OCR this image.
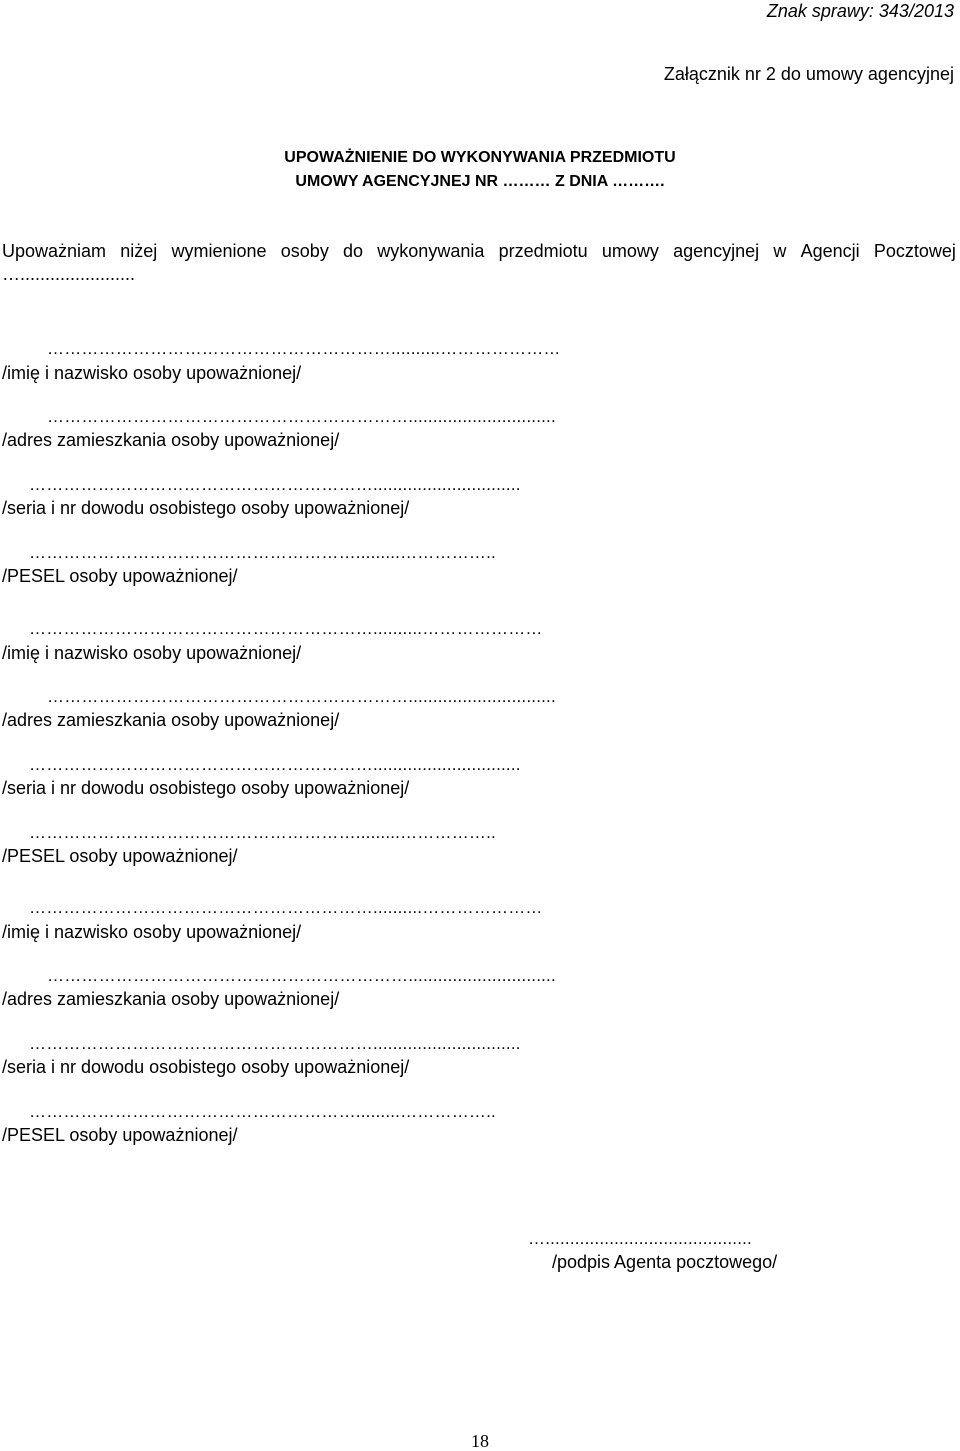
Znak sprawy: 343/2013
Załącznik nr 2 do umowy agencyjnej
UPOWAŻNIENIE DO WYKONYWANIA PRZEDMIOTU
UMOWY AGENCYJNEJ NR ……… Z DNIA ……….
Upoważniam niżej wymienione osoby do wykonywania przedmiotu umowy agencyjnej w Agencji Pocztowej
….......................
……………………………………………………..........…………………
/imię i nazwisko osoby upoważnionej/
………………………………………………………..............................
/adres zamieszkania osoby upoważnionej/
……………………………………………………..............................
/seria i nr dowodu osobistego osoby upoważnionej/
………………………………………………….........……………..
/PESEL osoby upoważnionej/
……………………………………………………..........…………………
/imię i nazwisko osoby upoważnionej/
………………………………………………………..............................
/adres zamieszkania osoby upoważnionej/
……………………………………………………..............................
/seria i nr dowodu osobistego osoby upoważnionej/
………………………………………………….........……………..
/PESEL osoby upoważnionej/
……………………………………………………..........…………………
/imię i nazwisko osoby upoważnionej/
………………………………………………………..............................
/adres zamieszkania osoby upoważnionej/
……………………………………………………..............................
/seria i nr dowodu osobistego osoby upoważnionej/
………………………………………………….........……………..
/PESEL osoby upoważnionej/
…..........................................
/podpis Agenta pocztowego/
18
